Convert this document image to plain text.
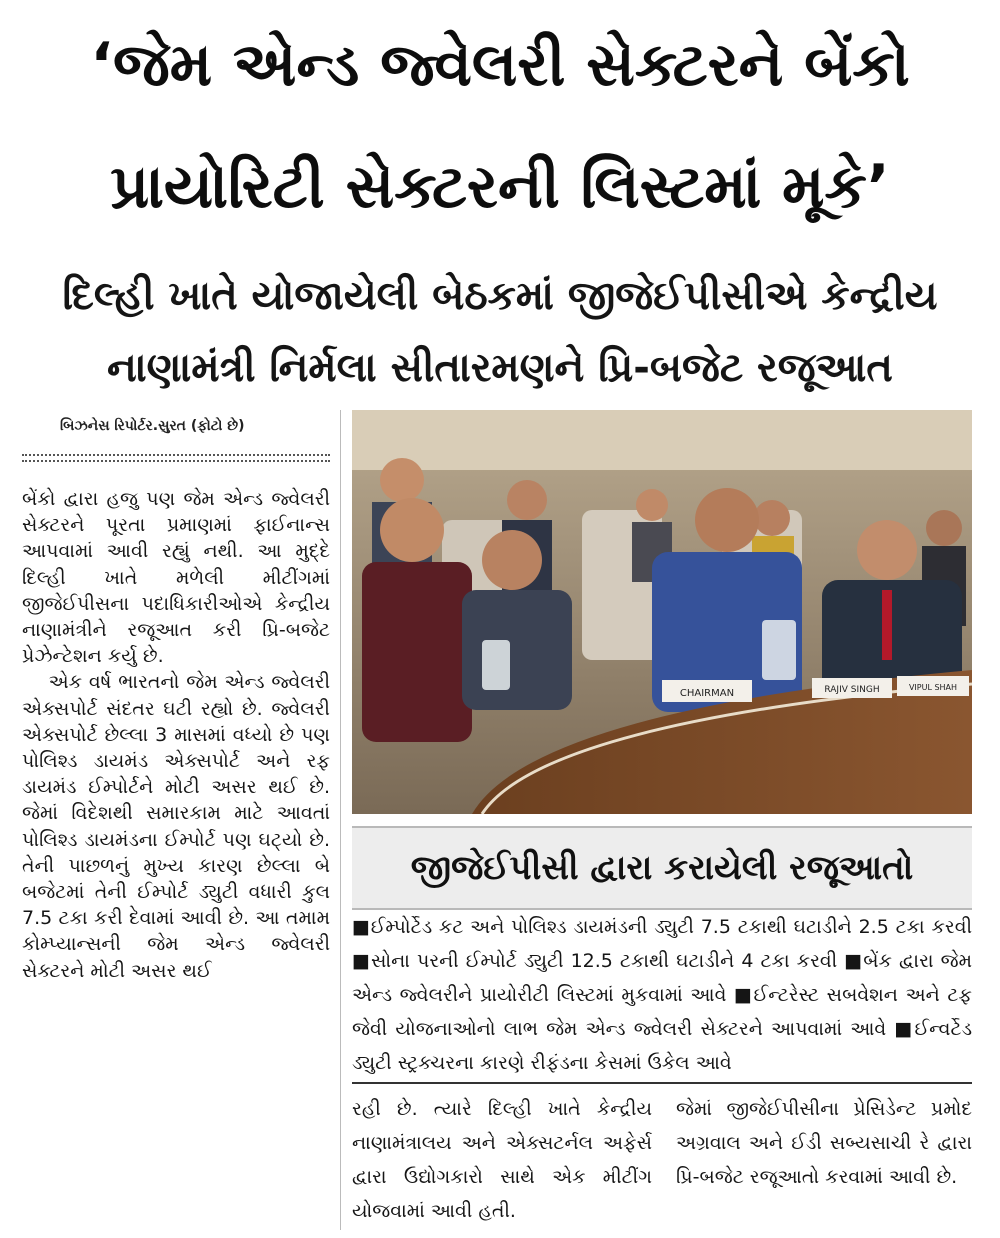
‘જેમ એન્ડ જ્વેલરી સેક્ટરને બેંકો
પ્રાયોરિટી સેક્ટરની લિસ્ટમાં મૂકે’
દિલ્હી ખાતે યોજાયેલી બેઠકમાં જીજેઈપીસીએ કેન્દ્રીય
નાણામંત્રી નિર્મલા સીતારમણને પ્રિ-બજેટ રજૂઆત
બિઝનેસ રિપોર્ટર.સુરત (ફોટો છે)

બેંકો દ્વારા હજુ પણ જેમ એન્ડ જ્વેલરી સેક્ટરને પૂરતા પ્રમાણમાં ફાઈનાન્સ આપવામાં આવી રહ્યું નથી. આ મુદ્દે દિલ્હી ખાતે મળેલી મીટીંગમાં જીજેઈપીસના પદાધિકારીઓએ કેન્દ્રીય નાણામંત્રીને રજૂઆત કરી પ્રિ-બજેટ પ્રેઝેન્ટેશન કર્યુ છે.

એક વર્ષ ભારતનો જેમ એન્ડ જ્વેલરી એક્સપોર્ટ સંદતર ઘટી રહ્યો છે. જ્વેલરી એક્સપોર્ટ છેલ્લા 3 માસમાં વધ્યો છે પણ પોલિશ્ડ ડાયમંડ એક્સપોર્ટ અને રફ ડાયમંડ ઈમ્પોર્ટને મોટી અસર થઈ છે. જેમાં વિદેશથી સમારકામ માટે આવતાં પોલિશ્ડ ડાયમંડના ઈમ્પોર્ટ પણ ઘટ્યો છે. તેની પાછળનું મુખ્ય કારણ છેલ્લા બે બજેટમાં તેની ઈમ્પોર્ટ ડ્યુટી વધારી કુલ 7.5 ટકા કરી દેવામાં આવી છે. આ તમામ કોમ્પ્યાન્સની જેમ એન્ડ જ્વેલરી સેક્ટરને મોટી અસર થઈ

CHAIRMAN	RAJIV SINGH	VIPUL SHAH
જીજેઈપીસી દ્વારા કરાયેલી રજૂઆતો
■ઈમ્પોર્ટેડ કટ અને પોલિશ્ડ ડાયમંડની ડ્યુટી 7.5 ટકાથી ઘટાડીને 2.5 ટકા કરવી ■સોના પરની ઈમ્પોર્ટ ડ્યુટી 12.5 ટકાથી ઘટાડીને 4 ટકા કરવી ■બેંક દ્વારા જેમ એન્ડ જ્વેલરીને પ્રાયોરીટી લિસ્ટમાં મુકવામાં આવે ■ઈન્ટરેસ્ટ સબવેશન અને ટફ જેવી યોજનાઓનો લાભ જેમ એન્ડ જ્વેલરી સેક્ટરને આપવામાં આવે ■ઈન્વર્ટેડ ડ્યુટી સ્ટ્રક્ચરના કારણે રીફંડના કેસમાં ઉકેલ આવે
રહી છે. ત્યારે દિલ્હી ખાતે કેન્દ્રીય નાણામંત્રાલય અને એક્સટર્નલ અફેર્સ દ્વારા ઉદ્યોગકારો સાથે એક મીટીંગ યોજવામાં આવી હતી.
જેમાં જીજેઈપીસીના પ્રેસિડેન્ટ પ્રમોદ અગ્રવાલ અને ઈડી સબ્યસાચી રે દ્વારા પ્રિ-બજેટ રજૂઆતો કરવામાં આવી છે.
